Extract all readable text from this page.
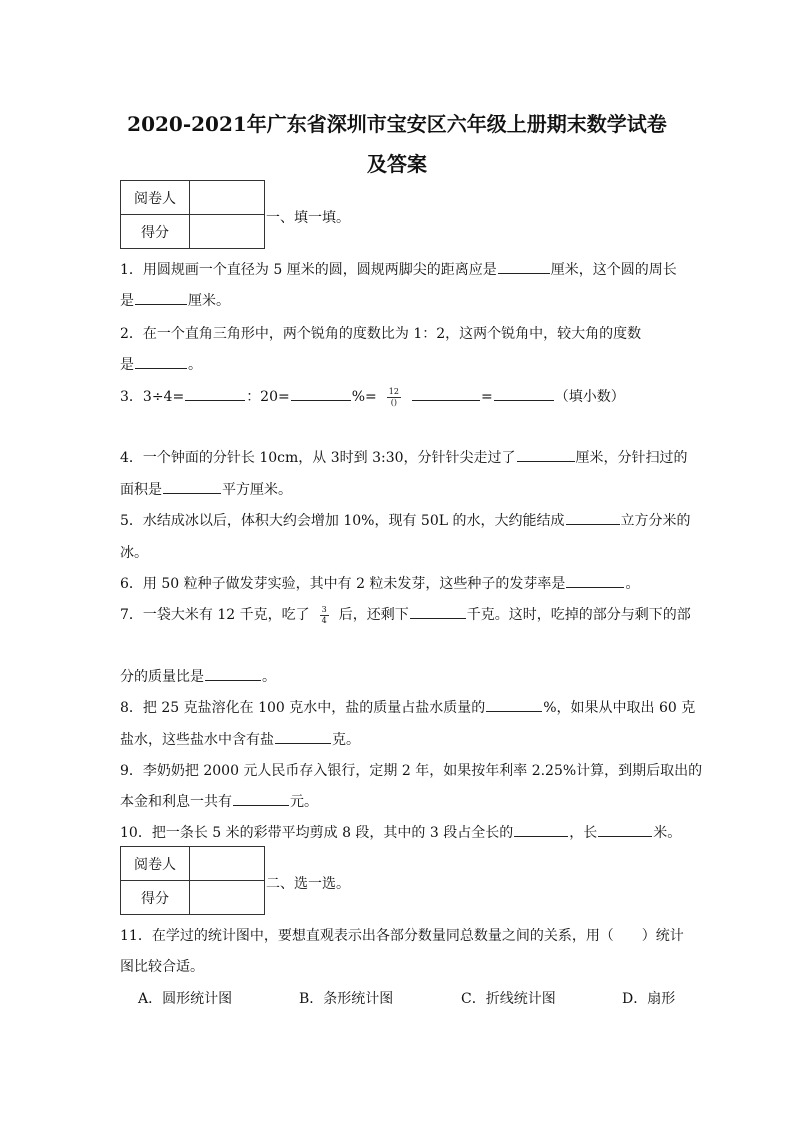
2020-2021年广东省深圳市宝安区六年级上册期末数学试卷
及答案
阅卷人	
得分	
一、填一填。
1．用圆规画一个直径为 5 厘米的圆，圆规两脚尖的距离应是	厘米，这个圆的周长
是	厘米。
2．在一个直角三角形中，两个锐角的度数比为 1：2，这两个锐角中，较大角的度数
是	。
3．3÷4=	：20=	%= $\frac{12}{()}$	=	（填小数）
4．一个钟面的分针长 10cm，从 3时到 3:30，分针针尖走过了	厘米，分针扫过的
面积是	平方厘米。
5．水结成冰以后，体积大约会增加 10%，现有 50L 的水，大约能结成	立方分米的
冰。
6．用 50 粒种子做发芽实验，其中有 2 粒未发芽，这些种子的发芽率是	。
7．一袋大米有 12 千克，吃了 $\frac{3}{4}$ 后，还剩下	千克。这时，吃掉的部分与剩下的部
分的质量比是	。
8．把 25 克盐溶化在 100 克水中，盐的质量占盐水质量的	%，如果从中取出 60 克
盐水，这些盐水中含有盐	克。
9．李奶奶把 2000 元人民币存入银行，定期 2 年，如果按年利率 2.25%计算，到期后取出的
本金和利息一共有	元。
10．把一条长 5 米的彩带平均剪成 8 段，其中的 3 段占全长的	，长	米。
阅卷人	
得分	
二、选一选。
11．在学过的统计图中，要想直观表示出各部分数量同总数量之间的关系，用（　　）统计
图比较合适。
A．圆形统计图	B．条形统计图	C．折线统计图	D．扇形
